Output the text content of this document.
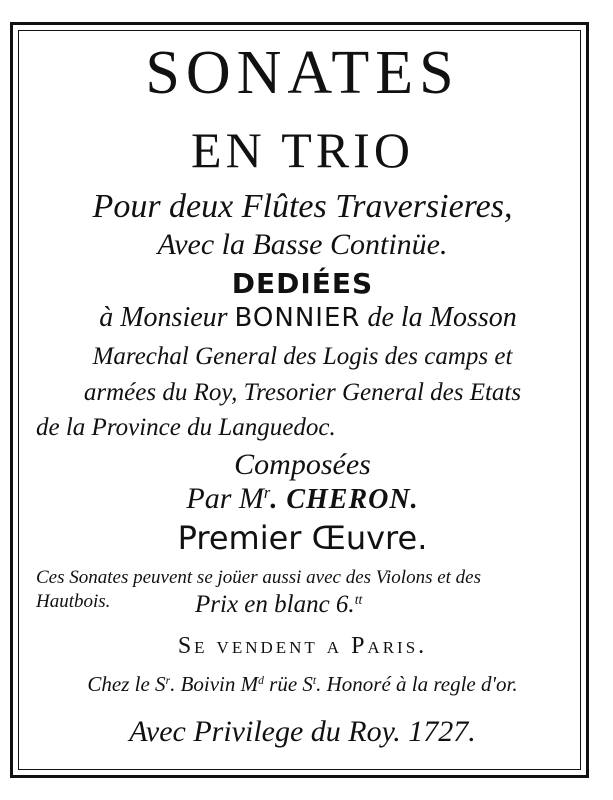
SONATES
EN TRIO
Pour deux Flûtes Traversieres,
Avec la Basse Continüe.
DEDIÉES
à Monsieur BONNIER de la Mosson
Marechal General des Logis des camps et
armées du Roy, Tresorier General des Etats
de la Province du Languedoc.
Composées
Par $M^r$. CHERON.
Premier Œuvre.
Ces Sonates peuvent se joüer aussi avec des Violons et des
Hautbois.	Prix en blanc 6.$^{tt}$
Se vendent a Paris.
Chez le $S^r$. Boivin $M^d$ rüe $S^t$. Honoré à la regle d'or.
Avec Privilege du Roy. 1727.
